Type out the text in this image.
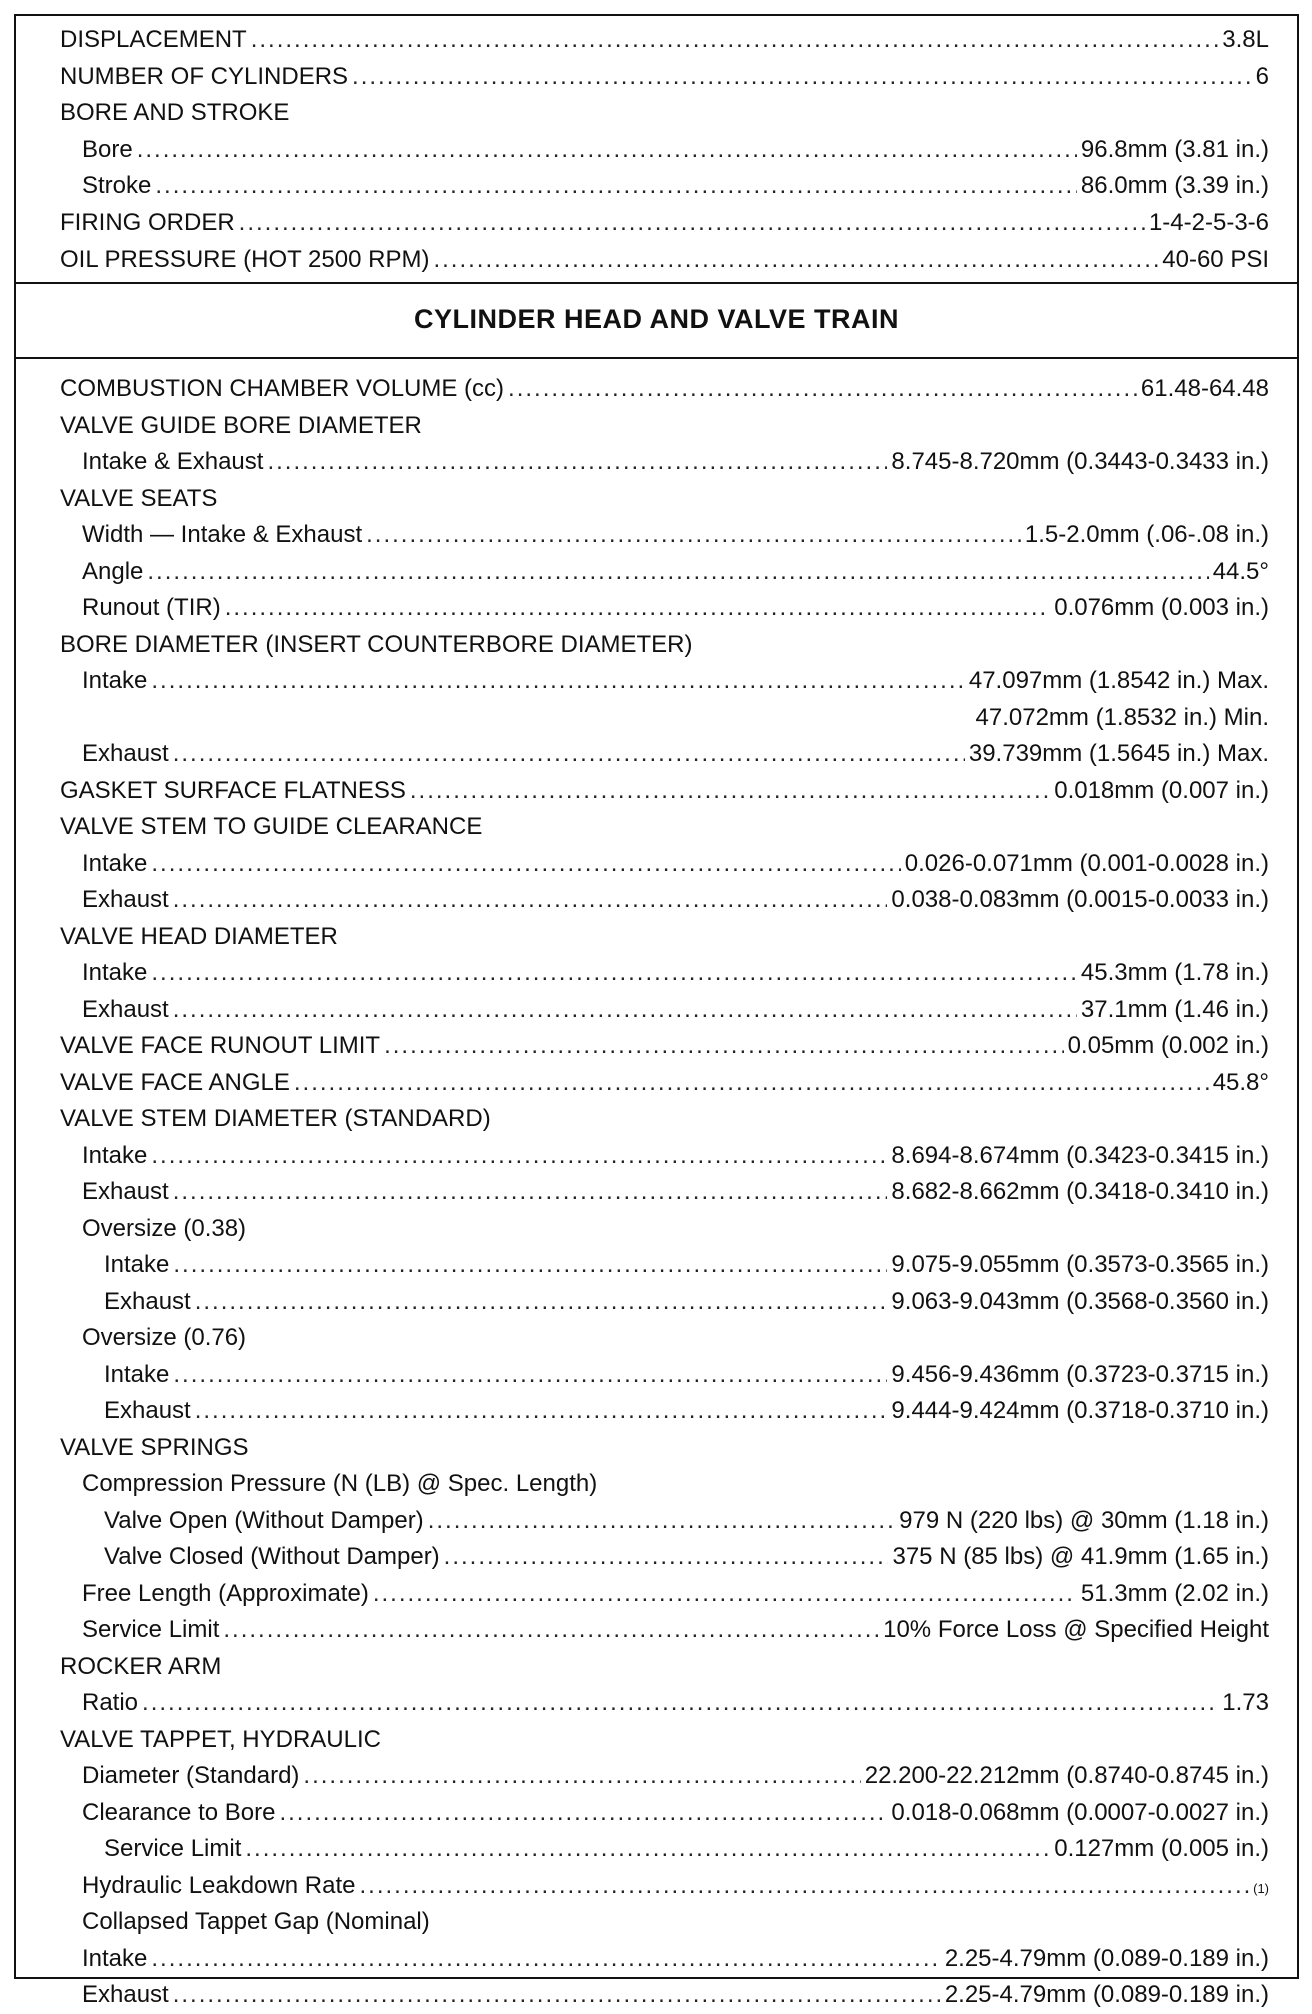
DISPLACEMENT .....	3.8L
NUMBER OF CYLINDERS .....	6
BORE AND STROKE
Bore .....	96.8mm (3.81 in.)
Stroke .....	86.0mm (3.39 in.)
FIRING ORDER .....	1-4-2-5-3-6
OIL PRESSURE (HOT 2500 RPM) .....	40-60 PSI
CYLINDER HEAD AND VALVE TRAIN
COMBUSTION CHAMBER VOLUME (cc) .....	61.48-64.48
VALVE GUIDE BORE DIAMETER
Intake & Exhaust .....	8.745-8.720mm (0.3443-0.3433 in.)
VALVE SEATS
Width — Intake & Exhaust .....	1.5-2.0mm (.06-.08 in.)
Angle .....	44.5°
Runout (TIR) .....	0.076mm (0.003 in.)
BORE DIAMETER (INSERT COUNTERBORE DIAMETER)
Intake .....	47.097mm (1.8542 in.) Max.
47.072mm (1.8532 in.) Min.
Exhaust .....	39.739mm (1.5645 in.) Max.
GASKET SURFACE FLATNESS .....	0.018mm (0.007 in.)
VALVE STEM TO GUIDE CLEARANCE
Intake .....	0.026-0.071mm (0.001-0.0028 in.)
Exhaust .....	0.038-0.083mm (0.0015-0.0033 in.)
VALVE HEAD DIAMETER
Intake .....	45.3mm (1.78 in.)
Exhaust .....	37.1mm (1.46 in.)
VALVE FACE RUNOUT LIMIT .....	0.05mm (0.002 in.)
VALVE FACE ANGLE .....	45.8°
VALVE STEM DIAMETER (STANDARD)
Intake .....	8.694-8.674mm (0.3423-0.3415 in.)
Exhaust .....	8.682-8.662mm (0.3418-0.3410 in.)
Oversize (0.38)
Intake .....	9.075-9.055mm (0.3573-0.3565 in.)
Exhaust .....	9.063-9.043mm (0.3568-0.3560 in.)
Oversize (0.76)
Intake .....	9.456-9.436mm (0.3723-0.3715 in.)
Exhaust .....	9.444-9.424mm (0.3718-0.3710 in.)
VALVE SPRINGS
Compression Pressure (N (LB) @ Spec. Length)
Valve Open (Without Damper) .....	979 N (220 lbs) @ 30mm (1.18 in.)
Valve Closed (Without Damper) .....	375 N (85 lbs) @ 41.9mm (1.65 in.)
Free Length (Approximate) .....	51.3mm (2.02 in.)
Service Limit .....	10% Force Loss @ Specified Height
ROCKER ARM
Ratio .....	1.73
VALVE TAPPET, HYDRAULIC
Diameter (Standard) .....	22.200-22.212mm (0.8740-0.8745 in.)
Clearance to Bore .....	0.018-0.068mm (0.0007-0.0027 in.)
Service Limit .....	0.127mm (0.005 in.)
Hydraulic Leakdown Rate .....	(1)
Collapsed Tappet Gap (Nominal)
Intake .....	2.25-4.79mm (0.089-0.189 in.)
Exhaust .....	2.25-4.79mm (0.089-0.189 in.)
